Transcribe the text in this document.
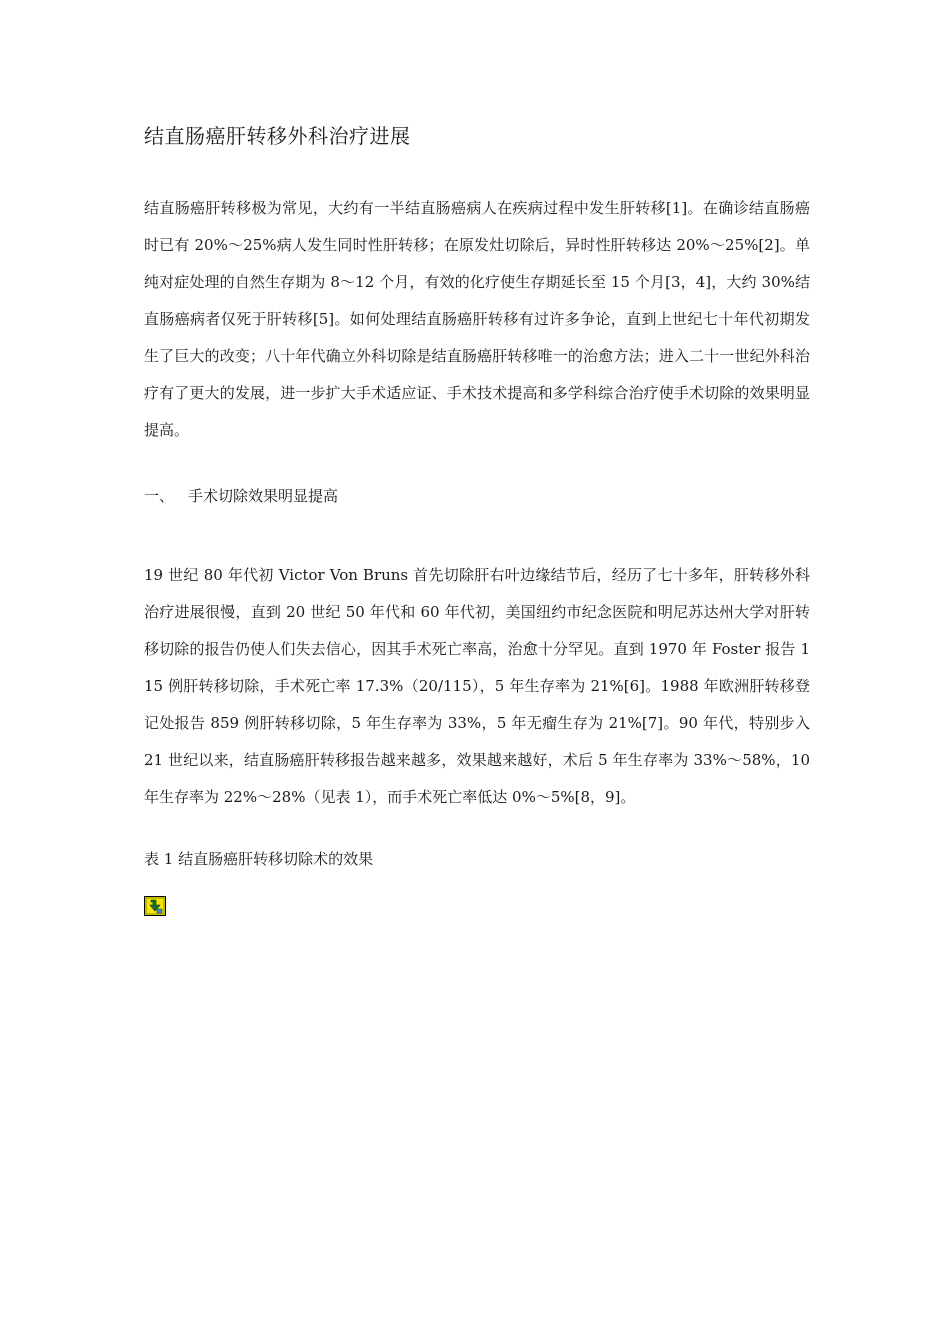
结直肠癌肝转移外科治疗进展

结直肠癌肝转移极为常见，大约有一半结直肠癌病人在疾病过程中发生肝转移[1]。在确诊结直肠癌时已有 20%～25%病人发生同时性肝转移；在原发灶切除后，异时性肝转移达 20%～25%[2]。单纯对症处理的自然生存期为 8～12 个月，有效的化疗使生存期延长至 15 个月[3，4]，大约 30%结直肠癌病者仅死于肝转移[5]。如何处理结直肠癌肝转移有过许多争论，直到上世纪七十年代初期发生了巨大的改变；八十年代确立外科切除是结直肠癌肝转移唯一的治愈方法；进入二十一世纪外科治疗有了更大的发展，进一步扩大手术适应证、手术技术提高和多学科综合治疗使手术切除的效果明显提高。

一、 手术切除效果明显提高

19 世纪 80 年代初 Victor Von Bruns 首先切除肝右叶边缘结节后，经历了七十多年，肝转移外科治疗进展很慢，直到 20 世纪 50 年代和 60 年代初，美国纽约市纪念医院和明尼苏达州大学对肝转移切除的报告仍使人们失去信心，因其手术死亡率高，治愈十分罕见。直到 1970 年 Foster 报告 115 例肝转移切除，手术死亡率 17.3%（20/115），5 年生存率为 21%[6]。1988 年欧洲肝转移登记处报告 859 例肝转移切除，5 年生存率为 33%，5 年无瘤生存为 21%[7]。90 年代，特别步入 21 世纪以来，结直肠癌肝转移报告越来越多，效果越来越好，术后 5 年生存率为 33%～58%，10 年生存率为 22%～28%（见表 1），而手术死亡率低达 0%～5%[8，9]。

表 1 结直肠癌肝转移切除术的效果
